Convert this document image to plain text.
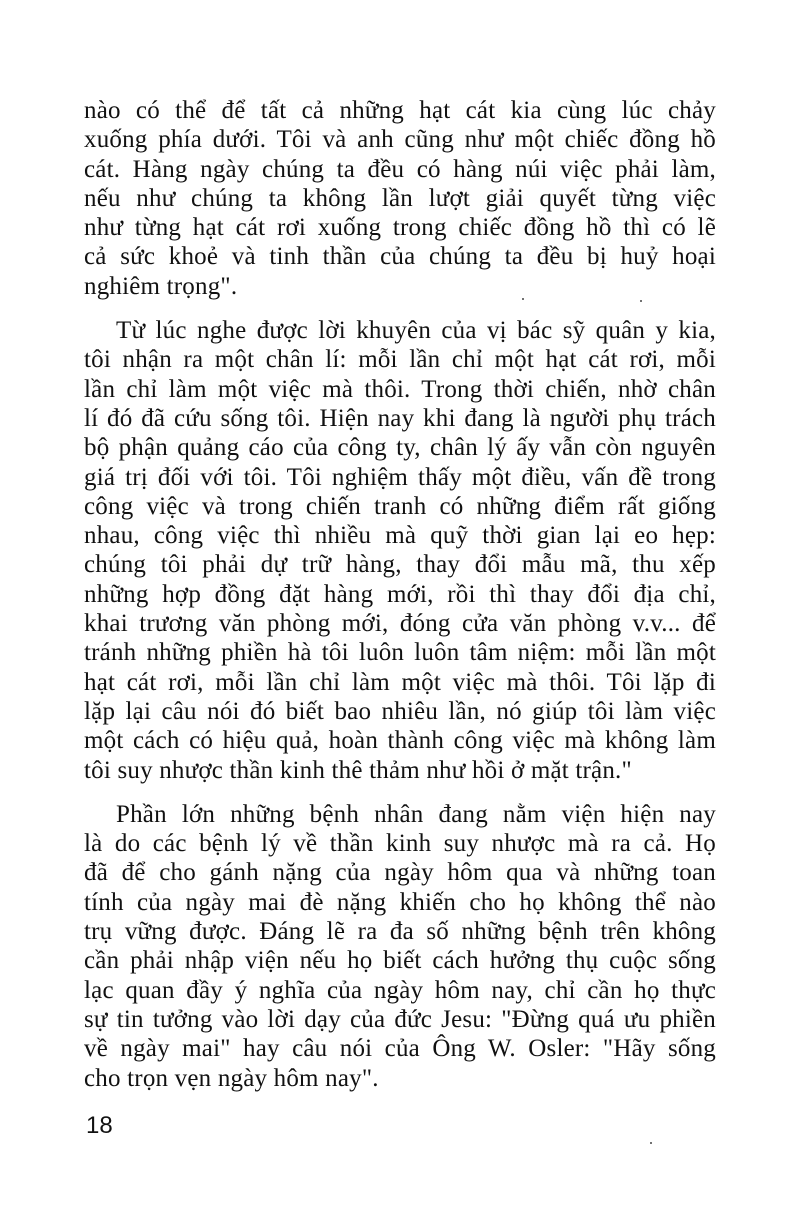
nào có thể để tất cả những hạt cát kia cùng lúc chảy
xuống phía dưới. Tôi và anh cũng như một chiếc đồng hồ
cát. Hàng ngày chúng ta đều có hàng núi việc phải làm,
nếu như chúng ta không lần lượt giải quyết từng việc
như từng hạt cát rơi xuống trong chiếc đồng hồ thì có lẽ
cả sức khoẻ và tinh thần của chúng ta đều bị huỷ hoại
nghiêm trọng".
Từ lúc nghe được lời khuyên của vị bác sỹ quân y kia,
tôi nhận ra một chân lí: mỗi lần chỉ một hạt cát rơi, mỗi
lần chỉ làm một việc mà thôi. Trong thời chiến, nhờ chân
lí đó đã cứu sống tôi. Hiện nay khi đang là người phụ trách
bộ phận quảng cáo của công ty, chân lý ấy vẫn còn nguyên
giá trị đối với tôi. Tôi nghiệm thấy một điều, vấn đề trong
công việc và trong chiến tranh có những điểm rất giống
nhau, công việc thì nhiều mà quỹ thời gian lại eo hẹp:
chúng tôi phải dự trữ hàng, thay đổi mẫu mã, thu xếp
những hợp đồng đặt hàng mới, rồi thì thay đổi địa chỉ,
khai trương văn phòng mới, đóng cửa văn phòng v.v... để
tránh những phiền hà tôi luôn luôn tâm niệm: mỗi lần một
hạt cát rơi, mỗi lần chỉ làm một việc mà thôi. Tôi lặp đi
lặp lại câu nói đó biết bao nhiêu lần, nó giúp tôi làm việc
một cách có hiệu quả, hoàn thành công việc mà không làm
tôi suy nhược thần kinh thê thảm như hồi ở mặt trận."
Phần lớn những bệnh nhân đang nằm viện hiện nay
là do các bệnh lý về thần kinh suy nhược mà ra cả. Họ
đã để cho gánh nặng của ngày hôm qua và những toan
tính của ngày mai đè nặng khiến cho họ không thể nào
trụ vững được. Đáng lẽ ra đa số những bệnh trên không
cần phải nhập viện nếu họ biết cách hưởng thụ cuộc sống
lạc quan đầy ý nghĩa của ngày hôm nay, chỉ cần họ thực
sự tin tưởng vào lời dạy của đức Jesu: "Đừng quá ưu phiền
về ngày mai" hay câu nói của Ông W. Osler: "Hãy sống
cho trọn vẹn ngày hôm nay".
18
